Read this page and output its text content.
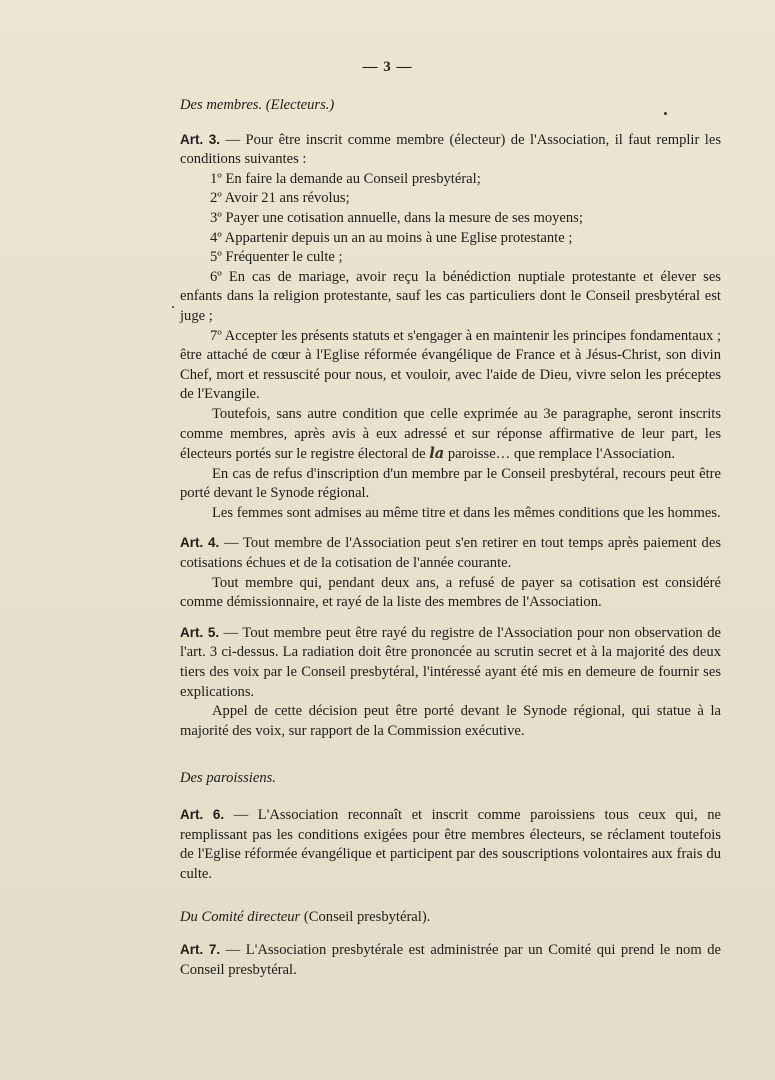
— 3 —
Des membres. (Electeurs.)

Art. 3. — Pour être inscrit comme membre (électeur) de l'Association, il faut remplir les conditions suivantes :

1º En faire la demande au Conseil presbytéral;

2º Avoir 21 ans révolus;

3º Payer une cotisation annuelle, dans la mesure de ses moyens;

4º Appartenir depuis un an au moins à une Eglise protestante ;

5º Fréquenter le culte ;

6º En cas de mariage, avoir reçu la bénédiction nuptiale protestante et élever ses enfants dans la religion protestante, sauf les cas particuliers dont le Conseil presbytéral est juge ;

7º Accepter les présents statuts et s'engager à en maintenir les principes fondamentaux ; être attaché de cœur à l'Eglise réformée évangélique de France et à Jésus-Christ, son divin Chef, mort et ressuscité pour nous, et vouloir, avec l'aide de Dieu, vivre selon les préceptes de l'Evangile.

Toutefois, sans autre condition que celle exprimée au 3e paragraphe, seront inscrits comme membres, après avis à eux adressé et sur réponse affirmative de leur part, les électeurs portés sur le registre électoral de la paroisse… que remplace l'Association.

En cas de refus d'inscription d'un membre par le Conseil presbytéral, recours peut être porté devant le Synode régional.

Les femmes sont admises au même titre et dans les mêmes conditions que les hommes.

Art. 4. — Tout membre de l'Association peut s'en retirer en tout temps après paiement des cotisations échues et de la cotisation de l'année courante.

Tout membre qui, pendant deux ans, a refusé de payer sa cotisation est considéré comme démissionnaire, et rayé de la liste des membres de l'Association.

Art. 5. — Tout membre peut être rayé du registre de l'Association pour non observation de l'art. 3 ci-dessus. La radiation doit être prononcée au scrutin secret et à la majorité des deux tiers des voix par le Conseil presbytéral, l'intéressé ayant été mis en demeure de fournir ses explications.

Appel de cette décision peut être porté devant le Synode régional, qui statue à la majorité des voix, sur rapport de la Commission exécutive.

Des paroissiens.

Art. 6. — L'Association reconnaît et inscrit comme paroissiens tous ceux qui, ne remplissant pas les conditions exigées pour être membres électeurs, se réclament toutefois de l'Eglise réformée évangélique et participent par des souscriptions volontaires aux frais du culte.

Du Comité directeur (Conseil presbytéral).

Art. 7. — L'Association presbytérale est administrée par un Comité qui prend le nom de Conseil presbytéral.
